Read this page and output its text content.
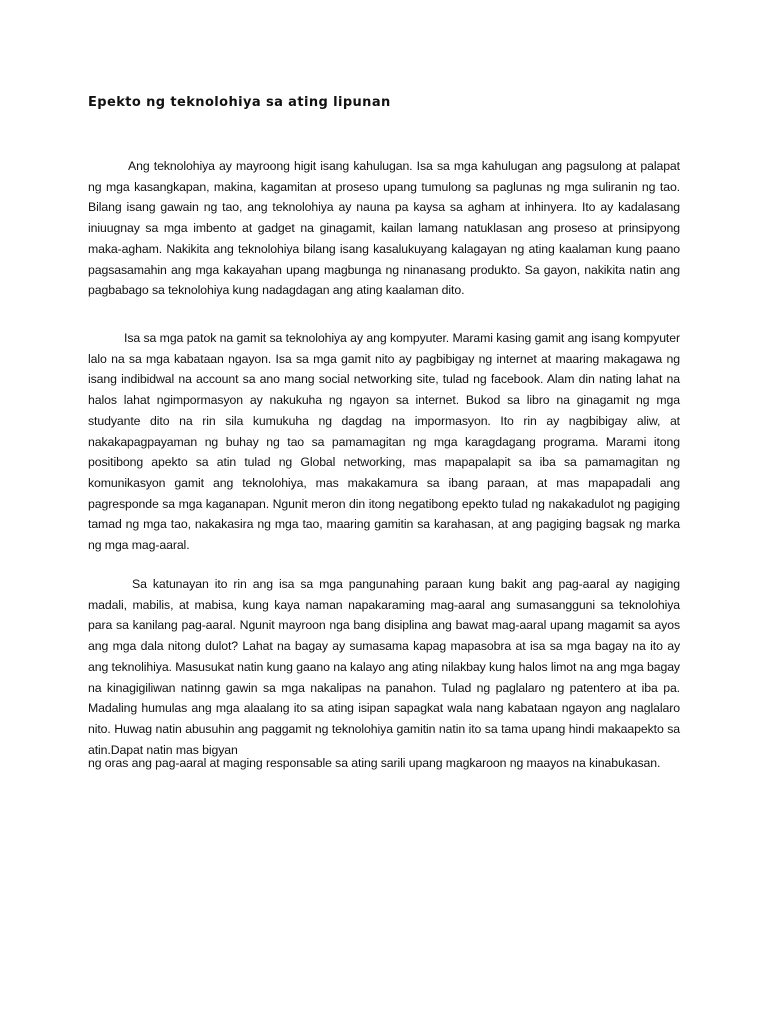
Epekto ng teknolohiya sa ating lipunan

Ang teknolohiya ay mayroong higit isang kahulugan. Isa sa mga kahulugan ang pagsulong at palapat ng mga kasangkapan, makina, kagamitan at proseso upang tumulong sa paglunas ng mga suliranin ng tao. Bilang isang gawain ng tao, ang teknolohiya ay nauna pa kaysa sa agham at inhinyera. Ito ay kadalasang iniuugnay sa mga imbento at gadget na ginagamit, kailan lamang natuklasan ang proseso at prinsipyong maka-agham. Nakikita ang teknolohiya bilang isang kasalukuyang kalagayan ng ating kaalaman kung paano pagsasamahin ang mga kakayahan upang magbunga ng ninanasang produkto. Sa gayon, nakikita natin ang pagbabago sa teknolohiya kung nadagdagan ang ating kaalaman dito.

Isa sa mga patok na gamit sa teknolohiya ay ang kompyuter. Marami kasing gamit ang isang kompyuter lalo na sa mga kabataan ngayon. Isa sa mga gamit nito ay pagbibigay ng internet at maaring makagawa ng isang indibidwal na account sa ano mang social networking site, tulad ng facebook. Alam din nating lahat na halos lahat ngimpormasyon ay nakukuha ng ngayon sa internet. Bukod sa libro na ginagamit ng mga studyante dito na rin sila kumukuha ng dagdag na impormasyon. Ito rin ay nagbibigay aliw, at nakakapagpayaman ng buhay ng tao sa pamamagitan ng mga karagdagang programa. Marami itong positibong apekto sa atin tulad ng Global networking, mas mapapalapit sa iba sa pamamagitan ng komunikasyon gamit ang teknolohiya, mas makakamura sa ibang paraan, at mas mapapadali ang pagresponde sa mga kaganapan. Ngunit meron din itong negatibong epekto tulad ng nakakadulot ng pagiging tamad ng mga tao, nakakasira ng mga tao, maaring gamitin sa karahasan, at ang pagiging bagsak ng marka ng mga mag-aaral.

Sa katunayan ito rin ang isa sa mga pangunahing paraan kung bakit ang pag-aaral ay nagiging madali, mabilis, at mabisa, kung kaya naman napakaraming mag-aaral ang sumasangguni sa teknolohiya para sa kanilang pag-aaral. Ngunit mayroon nga bang disiplina ang bawat mag-aaral upang magamit sa ayos ang mga dala nitong dulot? Lahat na bagay ay sumasama kapag mapasobra at isa sa mga bagay na ito ay ang teknolihiya. Masusukat natin kung gaano na kalayo ang ating nilakbay kung halos limot na ang mga bagay na kinagigiliwan natinng gawin sa mga nakalipas na panahon. Tulad ng paglalaro ng patentero at iba pa. Madaling humulas ang mga alaalang ito sa ating isipan sapagkat wala nang kabataan ngayon ang naglalaro nito. Huwag natin abusuhin ang paggamit ng teknolohiya gamitin natin ito sa tama upang hindi makaapekto sa atin.Dapat natin mas bigyan

ng oras ang pag-aaral at maging responsable sa ating sarili upang magkaroon ng maayos na kinabukasan.
